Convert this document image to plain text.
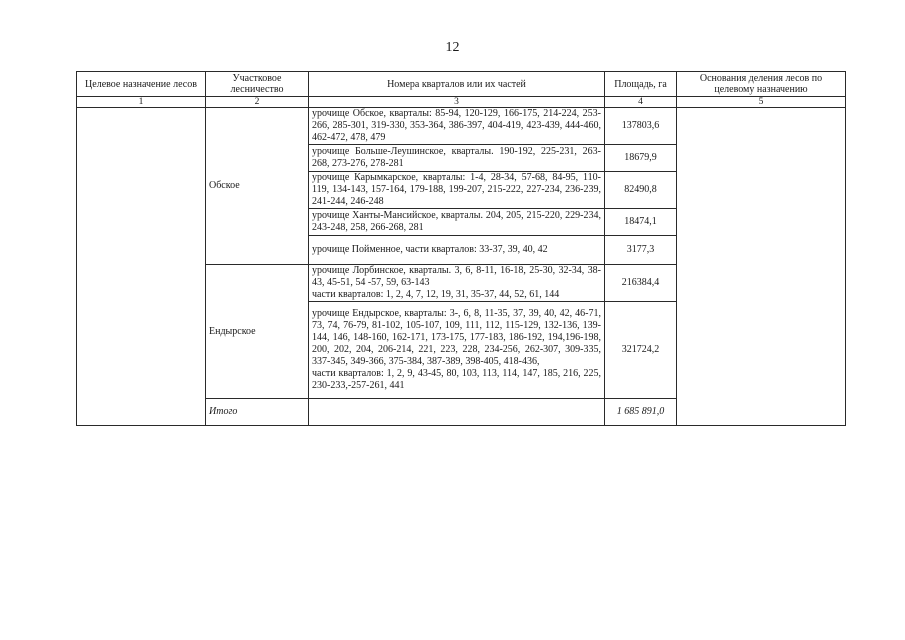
12
Целевое назначение лесов	Участковое лесничество	Номера кварталов или их частей	Площадь, га	Основания деления лесов по целевому назначению
1	2	3	4	5
	Обское	урочище Обское, кварталы: 85-94, 120-129, 166-175, 214-224, 253-266, 285-301, 319-330, 353-364, 386-397, 404-419, 423-439, 444-460, 462-472, 478, 479	137803,6	
		урочище Больше-Леушинское, кварталы. 190-192, 225-231, 263-268, 273-276, 278-281	18679,9	
		урочище Карымкарское, кварталы: 1-4, 28-34, 57-68, 84-95, 110-119, 134-143, 157-164, 179-188, 199-207, 215-222, 227-234, 236-239, 241-244, 246-248	82490,8	
		урочище Ханты-Мансийское, кварталы. 204, 205, 215-220, 229-234, 243-248, 258, 266-268, 281	18474,1	
		урочище Пойменное, части кварталов: 33-37, 39, 40, 42	3177,3	
	Ендырское	урочище Лорбинское, кварталы. 3, 6, 8-11, 16-18, 25-30, 32-34, 38-43, 45-51, 54 -57, 59, 63-143
части кварталов: 1, 2, 4, 7, 12, 19, 31, 35-37, 44, 52, 61, 144	216384,4	
		урочище Ендырское, кварталы: 3-, 6, 8, 11-35, 37, 39, 40, 42, 46-71, 73, 74, 76-79, 81-102, 105-107, 109, 111, 112, 115-129, 132-136, 139-144, 146, 148-160, 162-171, 173-175, 177-183, 186-192, 194,196-198, 200, 202, 204, 206-214, 221, 223, 228, 234-256, 262-307, 309-335, 337-345, 349-366, 375-384, 387-389, 398-405, 418-436,
части кварталов: 1, 2, 9, 43-45, 80, 103, 113, 114, 147, 185, 216, 225, 230-233,-257-261, 441	321724,2	
	Итого		1 685 891,0	
